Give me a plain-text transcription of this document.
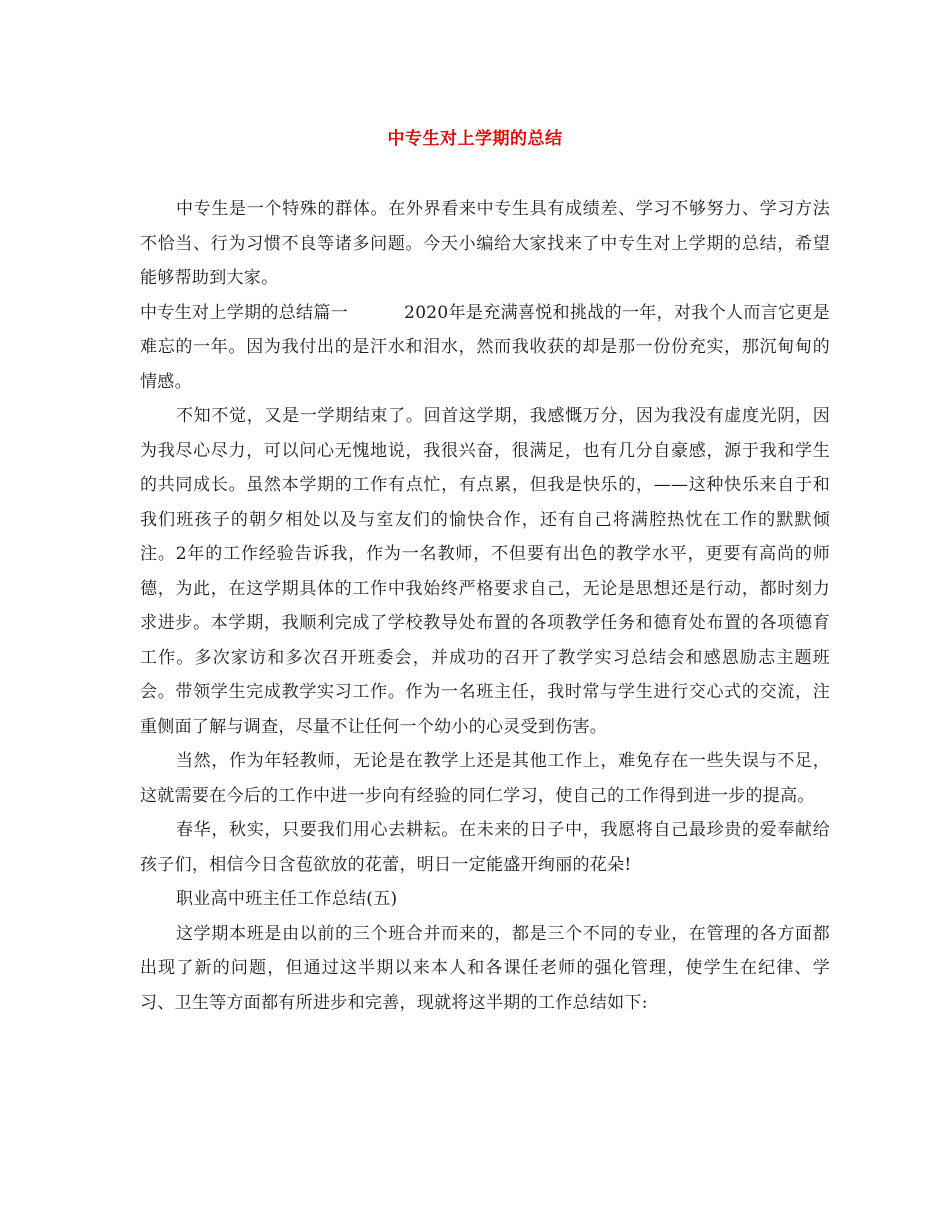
中专生对上学期的总结

中专生是一个特殊的群体。在外界看来中专生具有成绩差、学习不够努力、学习方法不恰当、行为习惯不良等诸多问题。今天小编给大家找来了中专生对上学期的总结，希望能够帮助到大家。

中专生对上学期的总结篇一	2020年是充满喜悦和挑战的一年，对我个人而言它更是难忘的一年。因为我付出的是汗水和泪水，然而我收获的却是那一份份充实，那沉甸甸的情感。

不知不觉，又是一学期结束了。回首这学期，我感慨万分，因为我没有虚度光阴，因为我尽心尽力，可以问心无愧地说，我很兴奋，很满足，也有几分自豪感，源于我和学生的共同成长。虽然本学期的工作有点忙，有点累，但我是快乐的，——这种快乐来自于和我们班孩子的朝夕相处以及与室友们的愉快合作，还有自己将满腔热忱在工作的默默倾注。2年的工作经验告诉我，作为一名教师，不但要有出色的教学水平，更要有高尚的师德，为此，在这学期具体的工作中我始终严格要求自己，无论是思想还是行动，都时刻力求进步。本学期，我顺利完成了学校教导处布置的各项教学任务和德育处布置的各项德育工作。多次家访和多次召开班委会，并成功的召开了教学实习总结会和感恩励志主题班会。带领学生完成教学实习工作。作为一名班主任，我时常与学生进行交心式的交流，注重侧面了解与调查，尽量不让任何一个幼小的心灵受到伤害。

当然，作为年轻教师，无论是在教学上还是其他工作上，难免存在一些失误与不足，这就需要在今后的工作中进一步向有经验的同仁学习，使自己的工作得到进一步的提高。

春华，秋实，只要我们用心去耕耘。在未来的日子中，我愿将自己最珍贵的爱奉献给孩子们，相信今日含苞欲放的花蕾，明日一定能盛开绚丽的花朵!

职业高中班主任工作总结(五)

这学期本班是由以前的三个班合并而来的，都是三个不同的专业，在管理的各方面都出现了新的问题，但通过这半期以来本人和各课任老师的强化管理，使学生在纪律、学习、卫生等方面都有所进步和完善，现就将这半期的工作总结如下:
